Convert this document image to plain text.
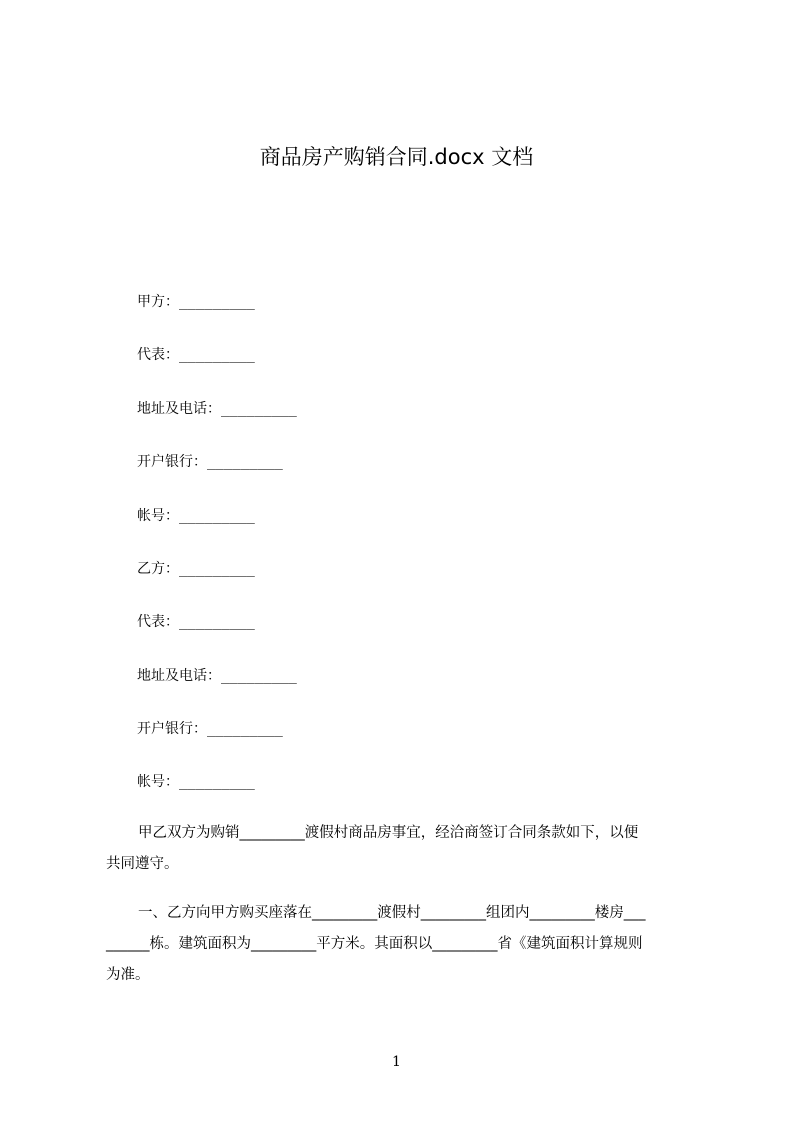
商品房产购销合同.docx 文档
甲方：_________
代表：_________
地址及电话：_________
开户银行：_________
帐号：_________
乙方：_________
代表：_________
地址及电话：_________
开户银行：_________
帐号：_________
甲乙双方为购销_________渡假村商品房事宜，经洽商签订合同条款如下，以便
共同遵守。
一、乙方向甲方购买座落在_________渡假村_________组团内_________楼房___
______栋。建筑面积为_________平方米。其面积以_________省《建筑面积计算规则
为准。
1
